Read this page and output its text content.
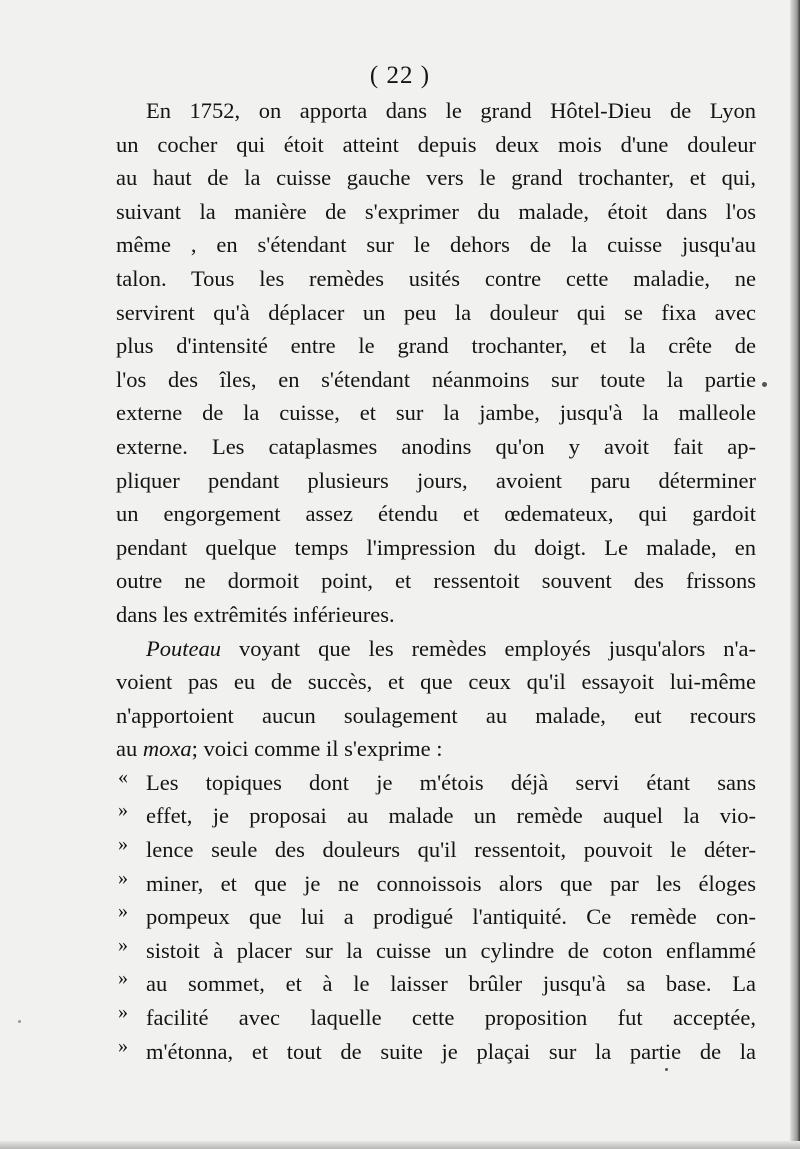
( 22 )
En 1752, on apporta dans le grand Hôtel-Dieu de Lyon
un cocher qui étoit atteint depuis deux mois d'une douleur
au haut de la cuisse gauche vers le grand trochanter, et qui,
suivant la manière de s'exprimer du malade, étoit dans l'os
même , en s'étendant sur le dehors de la cuisse jusqu'au
talon. Tous les remèdes usités contre cette maladie, ne
servirent qu'à déplacer un peu la douleur qui se fixa avec
plus d'intensité entre le grand trochanter, et la crête de
l'os des îles, en s'étendant néanmoins sur toute la partie
externe de la cuisse, et sur la jambe, jusqu'à la malleole
externe. Les cataplasmes anodins qu'on y avoit fait ap-
pliquer pendant plusieurs jours, avoient paru déterminer
un engorgement assez étendu et œdemateux, qui gardoit
pendant quelque temps l'impression du doigt. Le malade, en
outre ne dormoit point, et ressentoit souvent des frissons
dans les extrêmités inférieures.
Pouteau voyant que les remèdes employés jusqu'alors n'a-
voient pas eu de succès, et que ceux qu'il essayoit lui-même
n'apportoient aucun soulagement au malade, eut recours
au moxa; voici comme il s'exprime :
« Les topiques dont je m'étois déjà servi étant sans
» effet, je proposai au malade un remède auquel la vio-
» lence seule des douleurs qu'il ressentoit, pouvoit le déter-
» miner, et que je ne connoissois alors que par les éloges
» pompeux que lui a prodigué l'antiquité. Ce remède con-
» sistoit à placer sur la cuisse un cylindre de coton enflammé
» au sommet, et à le laisser brûler jusqu'à sa base. La
» facilité avec laquelle cette proposition fut acceptée,
» m'étonna, et tout de suite je plaçai sur la partie de la
